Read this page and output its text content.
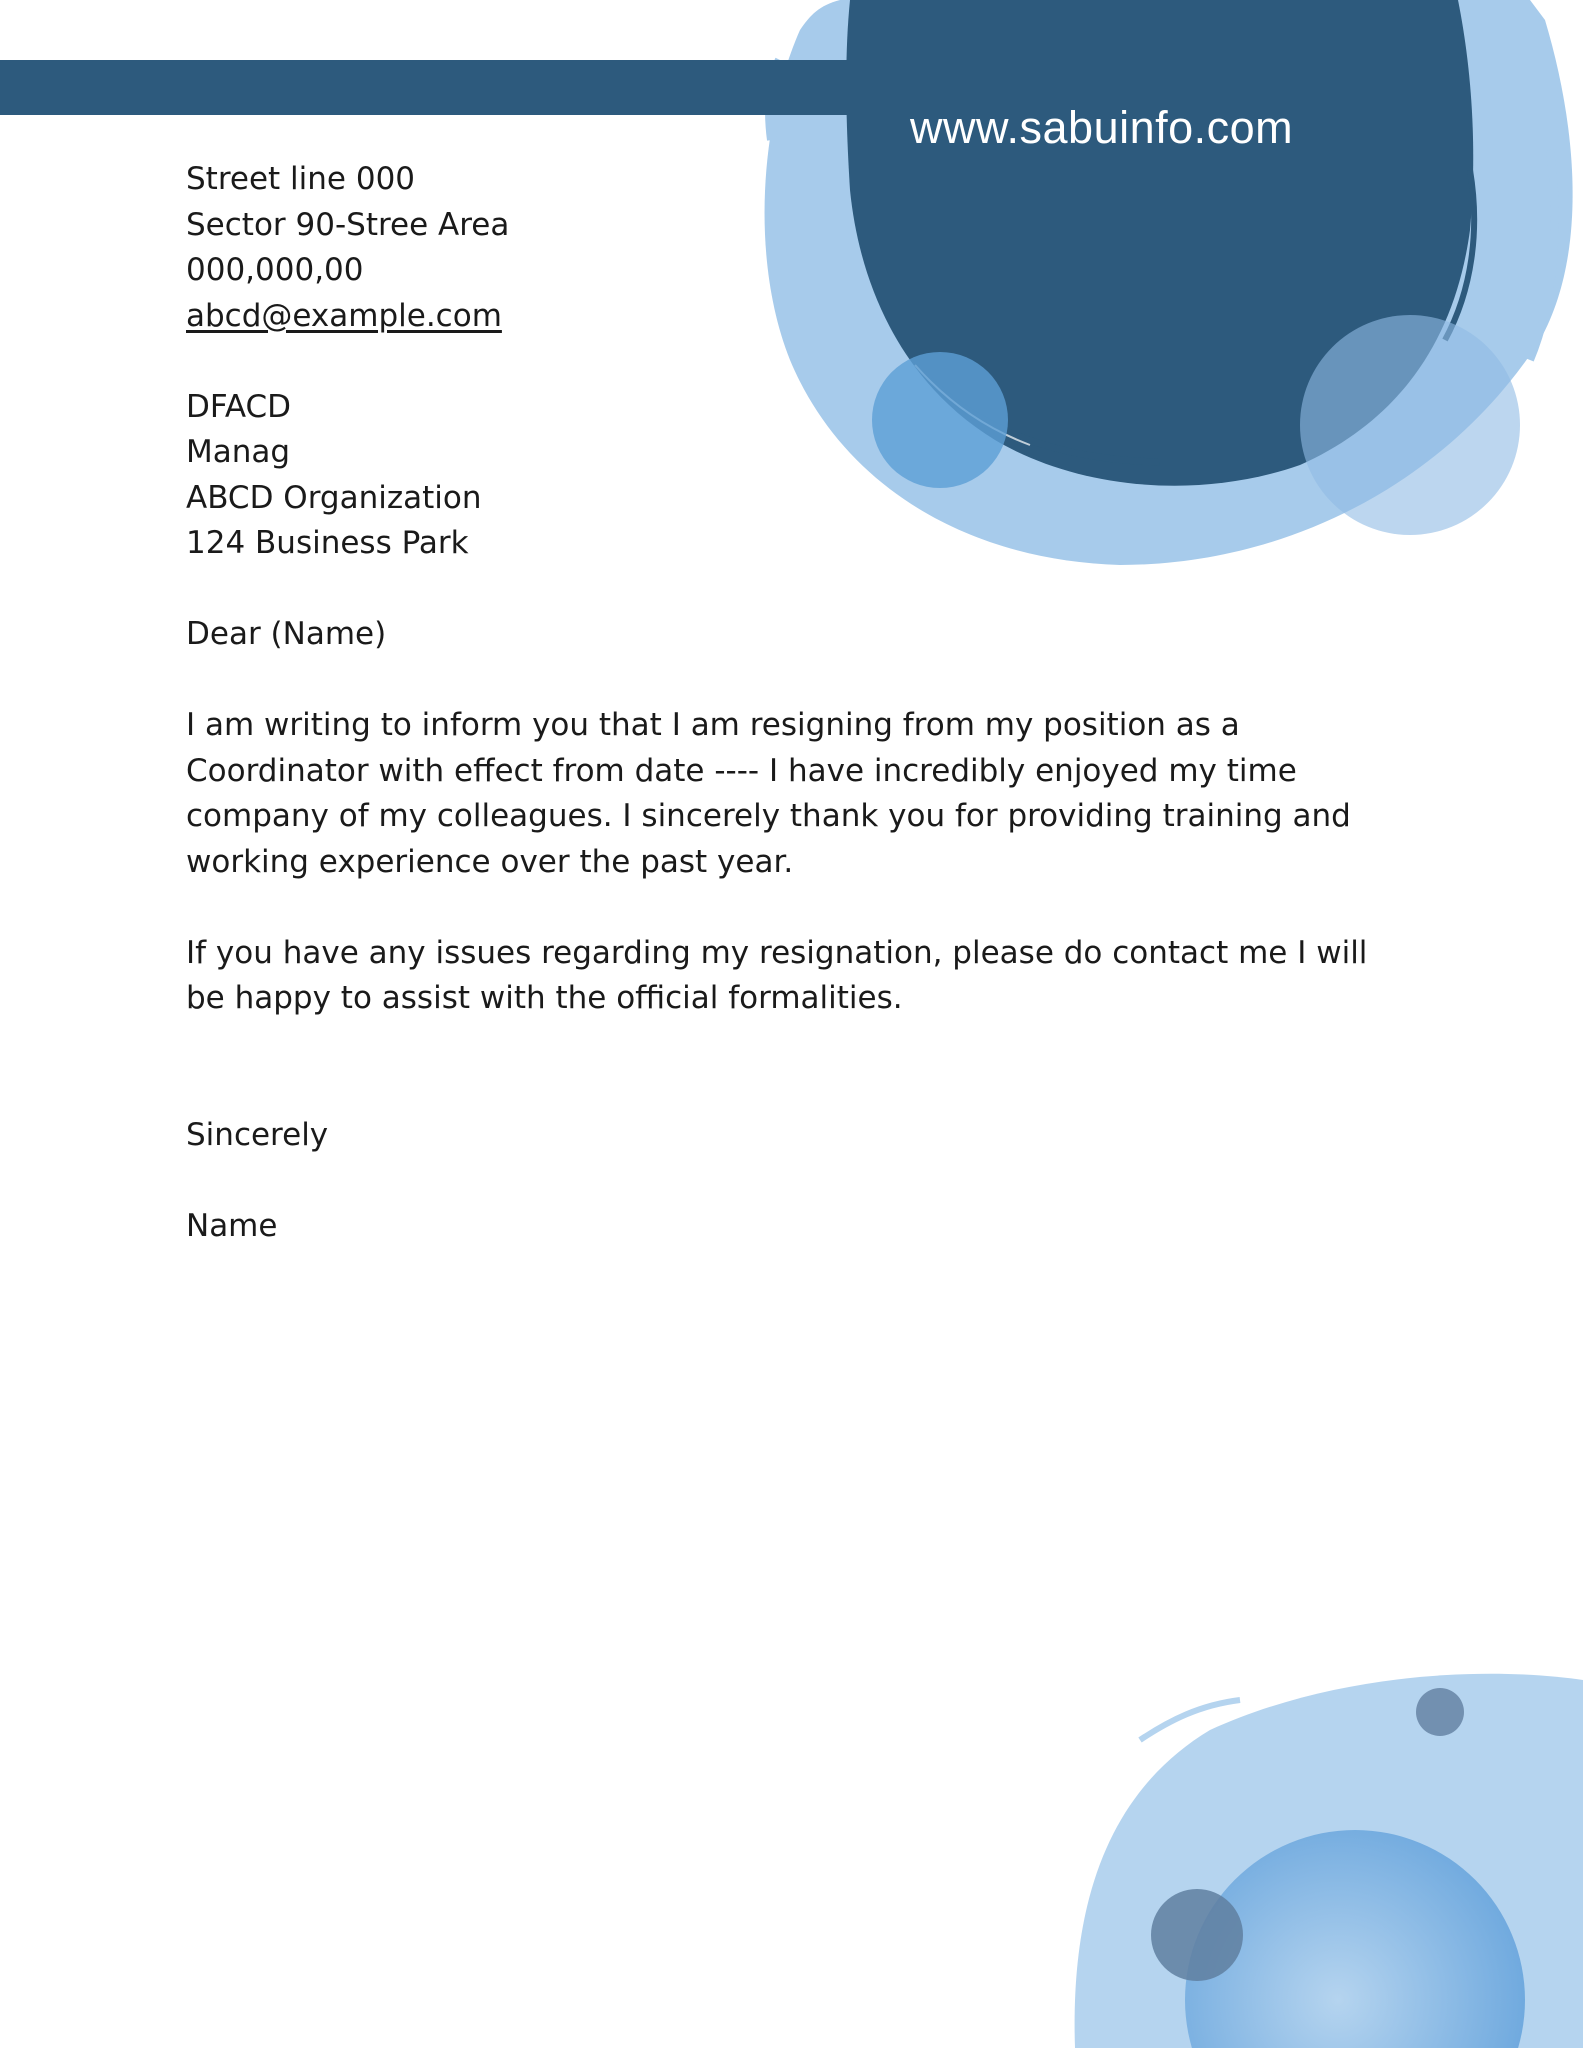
www.sabuinfo.com
Street line 000
Sector 90-Stree Area
000,000,00
abcd@example.com
DFACD
Manag
ABCD Organization
124 Business Park
Dear (Name)

I am writing to inform you that I am resigning from my position as a
Coordinator with effect from date ---- I have incredibly enjoyed my time
company of my colleagues. I sincerely thank you for providing training and
working experience over the past year.

If you have any issues regarding my resignation, please do contact me I will
be happy to assist with the official formalities.

Sincerely
Name
